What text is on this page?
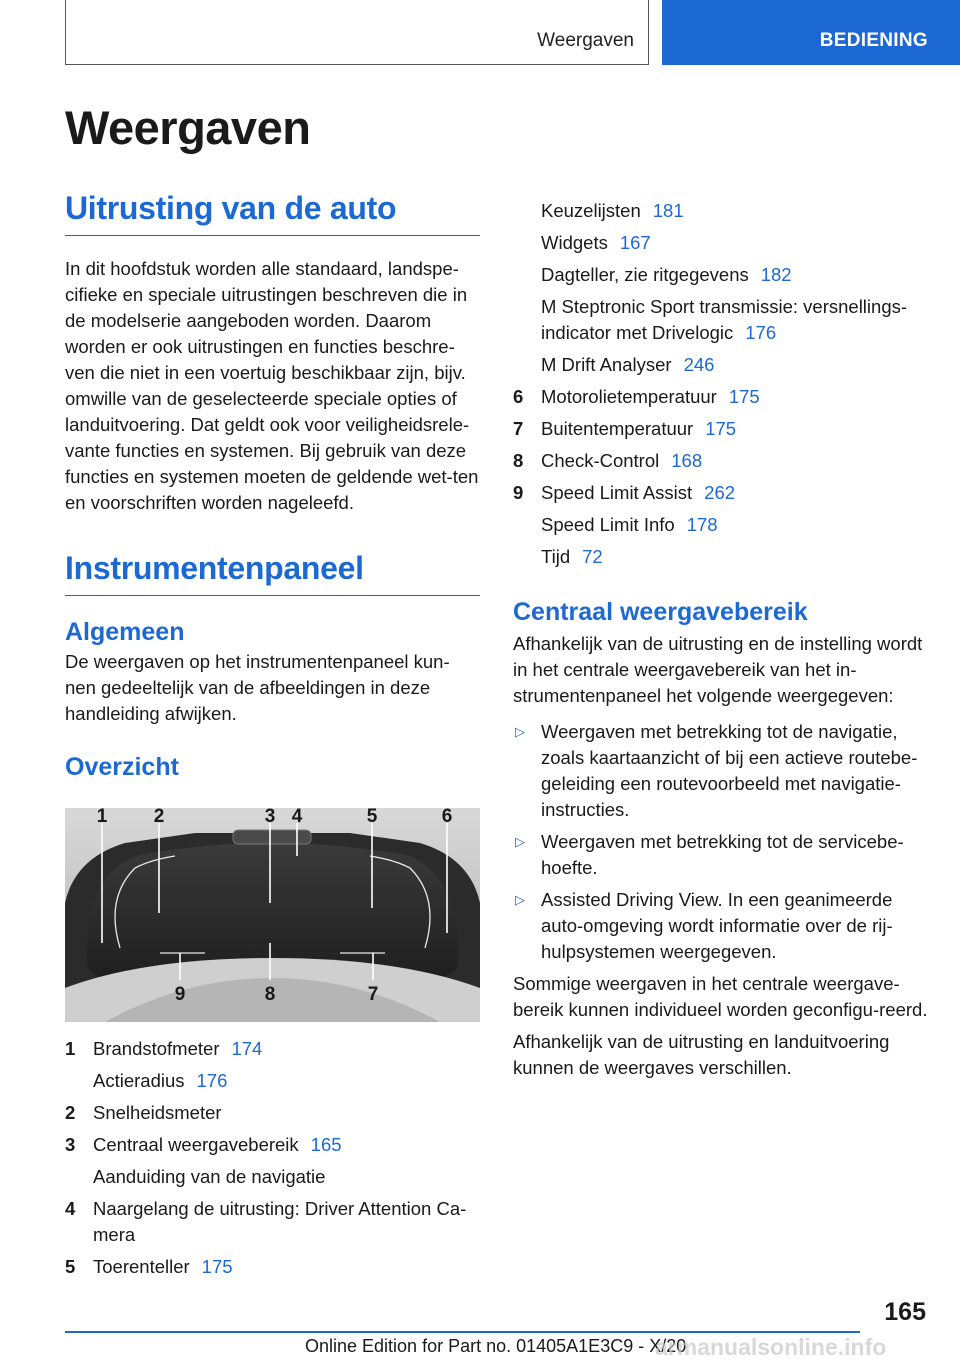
Weergaven	BEDIENING
Weergaven
Uitrusting van de auto

In dit hoofdstuk worden alle standaard, landspe-cifieke en speciale uitrustingen beschreven die in de modelserie aangeboden worden. Daarom worden er ook uitrustingen en functies beschre-ven die niet in een voertuig beschikbaar zijn, bijv. omwille van de geselecteerde speciale opties of landuitvoering. Dat geldt ook voor veiligheidsrele-vante functies en systemen. Bij gebruik van deze functies en systemen moeten de geldende wet-ten en voorschriften worden nageleefd.

Instrumentenpaneel
Algemeen

De weergaven op het instrumentenpaneel kun-nen gedeeltelijk van de afbeeldingen in deze handleiding afwijken.

Overzicht
1 2	3 4	5	6
9	8	7
1 Brandstofmeter 174
Actieradius 176
2 Snelheidsmeter
3 Centraal weergavebereik 165
Aanduiding van de navigatie
4 Naargelang de uitrusting: Driver Attention Ca-mera
5 Toerenteller 175
Keuzelijsten 181
Widgets 167
Dagteller, zie ritgegevens 182
M Steptronic Sport transmissie: versnellings-indicator met Drivelogic 176
M Drift Analyser 246
6 Motorolietemperatuur 175
7 Buitentemperatuur 175
8 Check-Control 168
9 Speed Limit Assist 262
Speed Limit Info 178
Tijd 72
Centraal weergavebereik

Afhankelijk van de uitrusting en de instelling wordt in het centrale weergavebereik van het in-strumentenpaneel het volgende weergegeven:

▷ Weergaven met betrekking tot de navigatie, zoals kaartaanzicht of bij een actieve routebe-geleiding een routevoorbeeld met navigatie-instructies.
▷ Weergaven met betrekking tot de servicebe-hoefte.
▷ Assisted Driving View. In een geanimeerde auto-omgeving wordt informatie over de rij-hulpsystemen weergegeven.

Sommige weergaven in het centrale weergave-bereik kunnen individueel worden geconfigu-reerd.

Afhankelijk van de uitrusting en landuitvoering kunnen de weergaves verschillen.

165
Online Edition for Part no. 01405A1E3C9 - X/20
armanualsonline.info
